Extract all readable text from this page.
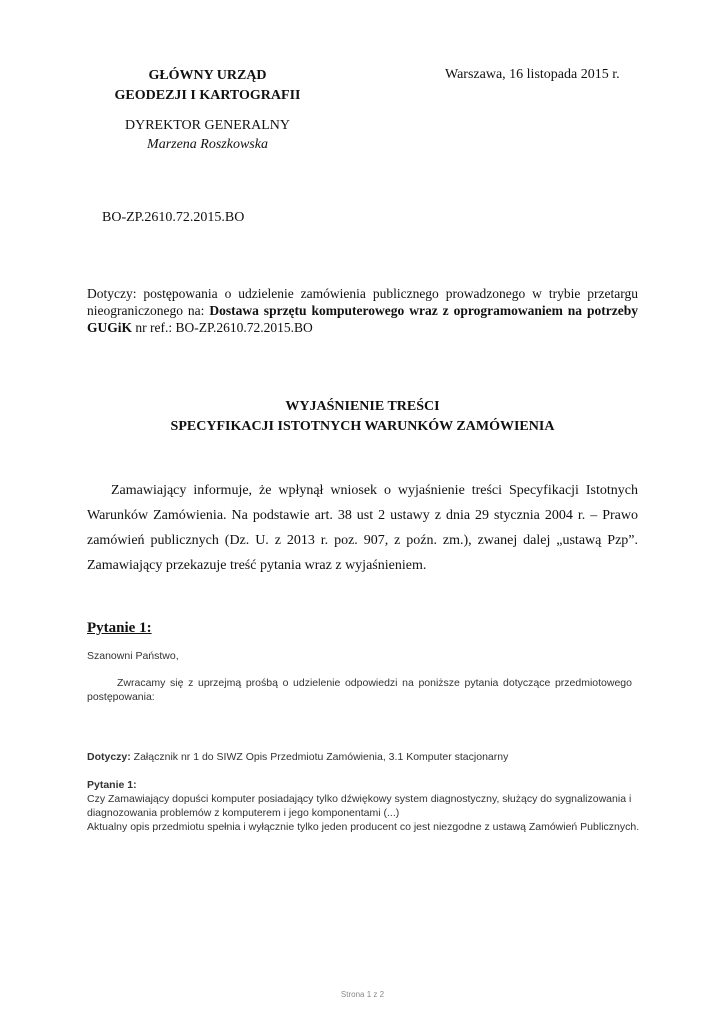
GŁÓWNY URZĄD
GEODEZJI I KARTOGRAFII
Warszawa, 16 listopada 2015 r.
DYREKTOR GENERALNY
Marzena Roszkowska
BO-ZP.2610.72.2015.BO
Dotyczy: postępowania o udzielenie zamówienia publicznego prowadzonego w trybie przetargu nieograniczonego na: Dostawa sprzętu komputerowego wraz z oprogramowaniem na potrzeby GUGiK nr ref.: BO-ZP.2610.72.2015.BO
WYJAŚNIENIE TREŚCI
SPECYFIKACJI ISTOTNYCH WARUNKÓW ZAMÓWIENIA
Zamawiający informuje, że wpłynął wniosek o wyjaśnienie treści Specyfikacji Istotnych Warunków Zamówienia. Na podstawie art. 38 ust 2 ustawy z dnia 29 stycznia 2004 r. – Prawo zamówień publicznych (Dz. U. z 2013 r. poz. 907, z poźn. zm.), zwanej dalej „ustawą Pzp”. Zamawiający przekazuje treść pytania wraz z wyjaśnieniem.
Pytanie 1:

Szanowni Państwo,

Zwracamy się z uprzejmą prośbą o udzielenie odpowiedzi na poniższe pytania dotyczące przedmiotowego postępowania:

Dotyczy: Załącznik nr 1 do SIWZ Opis Przedmiotu Zamówienia, 3.1 Komputer stacjonarny

Pytanie 1:

Czy Zamawiający dopuści komputer posiadający tylko dźwiękowy system diagnostyczny, służący do sygnalizowania i diagnozowania problemów z komputerem i jego komponentami (...)
Aktualny opis przedmiotu spełnia i wyłącznie tylko jeden producent co jest niezgodne z ustawą Zamówień Publicznych.

Strona 1 z 2
